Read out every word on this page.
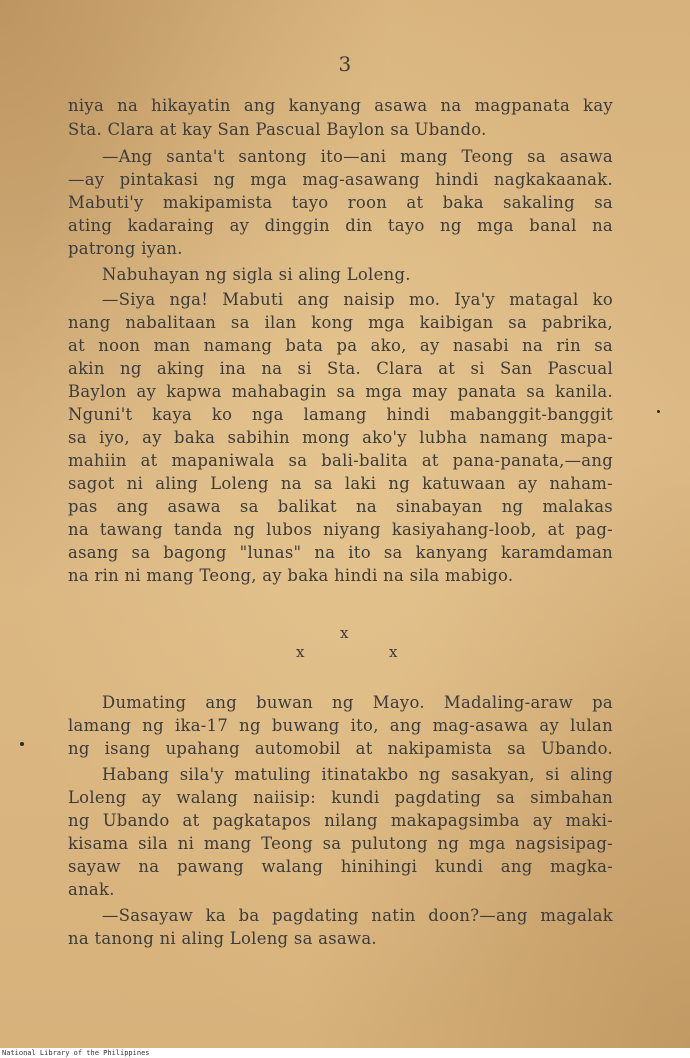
3
niya na hikayatin ang kanyang asawa na magpanata kay
Sta. Clara at kay San Pascual Baylon sa Ubando.
—Ang santa't santong ito—ani mang Teong sa asawa
—ay pintakasi ng mga mag-asawang hindi nagkakaanak.
Mabuti'y makipamista tayo roon at baka sakaling sa
ating kadaraing ay dinggin din tayo ng mga banal na
patrong iyan.
Nabuhayan ng sigla si aling Loleng.
—Siya nga! Mabuti ang naisip mo. Iya'y matagal ko
nang nabalitaan sa ilan kong mga kaibigan sa pabrika,
at noon man namang bata pa ako, ay nasabi na rin sa
akin ng aking ina na si Sta. Clara at si San Pascual
Baylon ay kapwa mahabagin sa mga may panata sa kanila.
Nguni't kaya ko nga lamang hindi mabanggit-banggit
sa iyo, ay baka sabihin mong ako'y lubha namang mapa-
mahiin at mapaniwala sa bali-balita at pana-panata,—ang
sagot ni aling Loleng na sa laki ng katuwaan ay naham-
pas ang asawa sa balikat na sinabayan ng malakas
na tawang tanda ng lubos niyang kasiyahang-loob, at pag-
asang sa bagong "lunas" na ito sa kanyang karamdaman
na rin ni mang Teong, ay baka hindi na sila mabigo.
x
x	x
Dumating ang buwan ng Mayo. Madaling-araw pa
lamang ng ika-17 ng buwang ito, ang mag-asawa ay lulan
ng isang upahang automobil at nakipamista sa Ubando.
Habang sila'y matuling itinatakbo ng sasakyan, si aling
Loleng ay walang naiisip: kundi pagdating sa simbahan
ng Ubando at pagkatapos nilang makapagsimba ay maki-
kisama sila ni mang Teong sa pulutong ng mga nagsisipag-
sayaw na pawang walang hinihingi kundi ang magka-
anak.
—Sasayaw ka ba pagdating natin doon?—ang magalak
na tanong ni aling Loleng sa asawa.
National Library of the Philippines
